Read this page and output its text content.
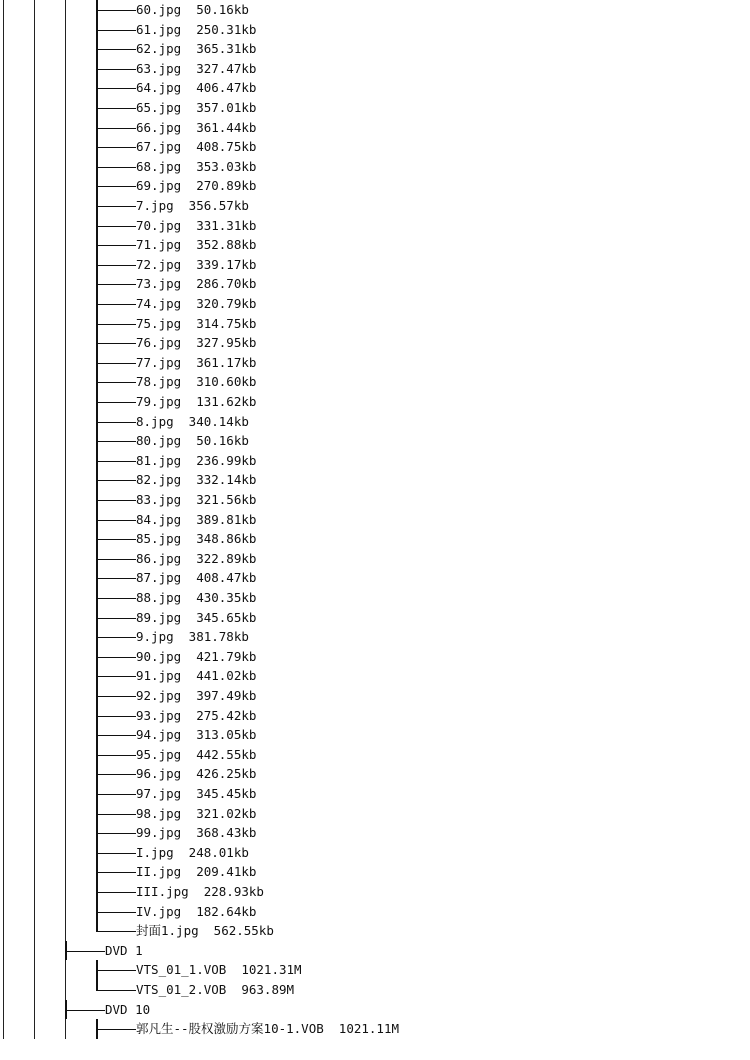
60.jpg  50.16kb
61.jpg  250.31kb
62.jpg  365.31kb
63.jpg  327.47kb
64.jpg  406.47kb
65.jpg  357.01kb
66.jpg  361.44kb
67.jpg  408.75kb
68.jpg  353.03kb
69.jpg  270.89kb
7.jpg  356.57kb
70.jpg  331.31kb
71.jpg  352.88kb
72.jpg  339.17kb
73.jpg  286.70kb
74.jpg  320.79kb
75.jpg  314.75kb
76.jpg  327.95kb
77.jpg  361.17kb
78.jpg  310.60kb
79.jpg  131.62kb
8.jpg  340.14kb
80.jpg  50.16kb
81.jpg  236.99kb
82.jpg  332.14kb
83.jpg  321.56kb
84.jpg  389.81kb
85.jpg  348.86kb
86.jpg  322.89kb
87.jpg  408.47kb
88.jpg  430.35kb
89.jpg  345.65kb
9.jpg  381.78kb
90.jpg  421.79kb
91.jpg  441.02kb
92.jpg  397.49kb
93.jpg  275.42kb
94.jpg  313.05kb
95.jpg  442.55kb
96.jpg  426.25kb
97.jpg  345.45kb
98.jpg  321.02kb
99.jpg  368.43kb
I.jpg  248.01kb
II.jpg  209.41kb
III.jpg  228.93kb
IV.jpg  182.64kb
封面1.jpg  562.55kb
DVD 1
VTS_01_1.VOB  1021.31M
VTS_01_2.VOB  963.89M
DVD 10
郭凡生--股权激励方案10-1.VOB  1021.11M
